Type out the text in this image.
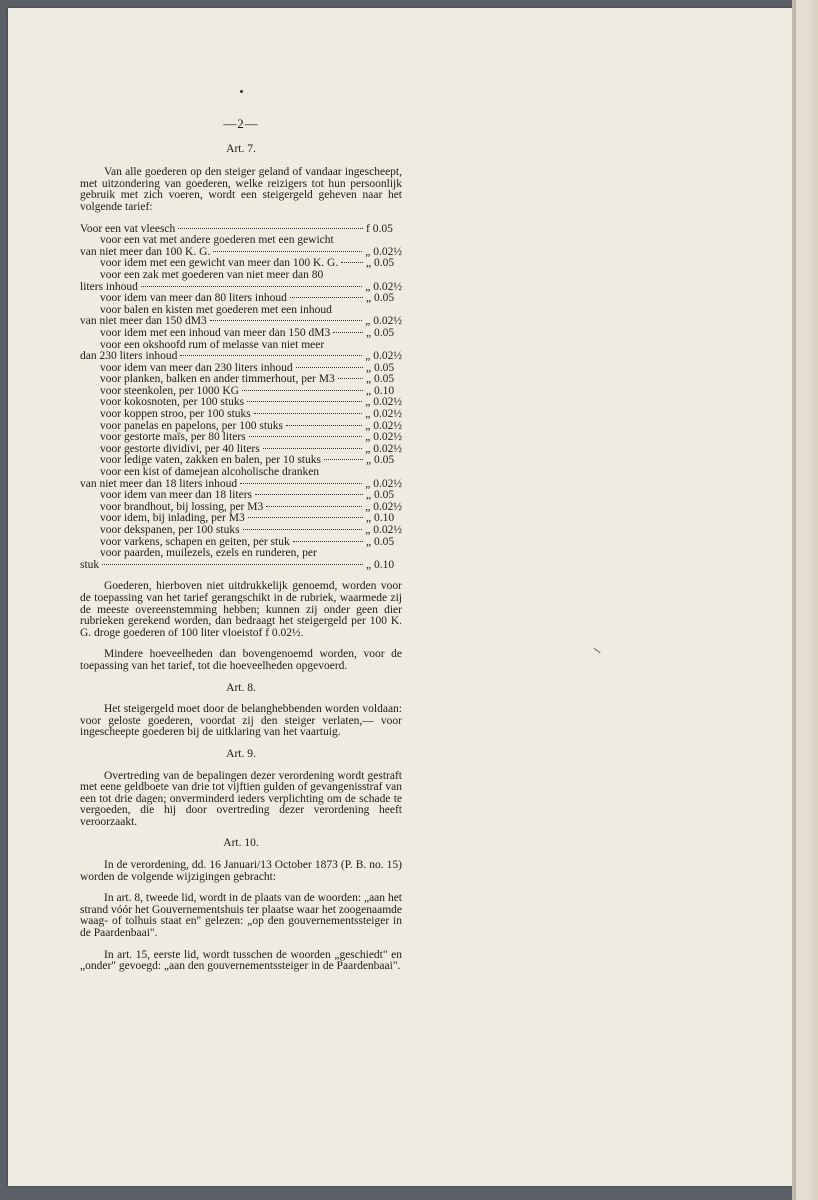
—2—
Art. 7.

Van alle goederen op den steiger geland of vandaar ingescheept, met uitzondering van goederen, welke reizigers tot hun persoonlijk gebruik met zich voeren, wordt een steigergeld geheven naar het volgende tarief:

Voor een vat vleesch	f 0.05
voor een vat met andere goederen met een gewicht
van niet meer dan 100 K. G.	„ 0.02½
voor idem met een gewicht van meer dan 100 K. G. „ 0.05
voor een zak met goederen van niet meer dan 80
liters inhoud	„ 0.02½
voor idem van meer dan 80 liters inhoud	„ 0.05
voor balen en kisten met goederen met een inhoud
van niet meer dan 150 dM3	„ 0.02½
voor idem met een inhoud van meer dan 150 dM3	„ 0.05
voor een okshoofd rum of melasse van niet meer
dan 230 liters inhoud	„ 0.02½
voor idem van meer dan 230 liters inhoud	„ 0.05
voor planken, balken en ander timmerhout, per M3	„ 0.05
voor steenkolen, per 1000 KG	„ 0.10
voor kokosnoten, per 100 stuks	„ 0.02½
voor koppen stroo, per 100 stuks	„ 0.02½
voor panelas en papelons, per 100 stuks	„ 0.02½
voor gestorte maïs, per 80 liters	„ 0.02½
voor gestorte dividivi, per 40 liters	„ 0.02½
voor ledige vaten, zakken en balen, per 10 stuks	„ 0.05
voor een kist of damejean alcoholische dranken
van niet meer dan 18 liters inhoud	„ 0.02½
voor idem van meer dan 18 liters	„ 0.05
voor brandhout, bij lossing, per M3	„ 0.02½
voor idem, bij inlading, per M3	„ 0.10
voor dekspanen, per 100 stuks	„ 0.02½
voor varkens, schapen en geiten, per stuk	„ 0.05
voor paarden, muilezels, ezels en runderen, per
stuk	„ 0.10

Goederen, hierboven niet uitdrukkelijk genoemd, worden voor de toepassing van het tarief gerangschikt in de rubriek, waarmede zij de meeste overeenstemming hebben; kunnen zij onder geen dier rubrieken gerekend worden, dan bedraagt het steigergeld per 100 K. G. droge goederen of 100 liter vloeistof f 0.02½.

Mindere hoeveelheden dan bovengenoemd worden, voor de toepassing van het tarief, tot die hoeveelheden opgevoerd.

Art. 8.

Het steigergeld moet door de belanghebbenden worden voldaan: voor geloste goederen, voordat zij den steiger verlaten,— voor ingescheepte goederen bij de uitklaring van het vaartuig.

Art. 9.

Overtreding van de bepalingen dezer verordening wordt gestraft met eene geldboete van drie tot vijftien gulden of gevangenisstraf van een tot drie dagen; onverminderd ieders verplichting om de schade te vergoeden, die hij door overtreding dezer verordening heeft veroorzaakt.

Art. 10.

In de verordening, dd. 16 Januari/13 October 1873 (P. B. no. 15) worden de volgende wijzigingen gebracht:

In art. 8, tweede lid, wordt in de plaats van de woorden: „aan het strand vóór het Gouvernementshuis ter plaatse waar het zoogenaamde waag- of tolhuis staat en" gelezen: „op den gouvernementssteiger in de Paardenbaai".

In art. 15, eerste lid, wordt tusschen de woorden „geschiedt" en „onder" gevoegd: „aan den gouvernementssteiger in de Paardenbaai".
